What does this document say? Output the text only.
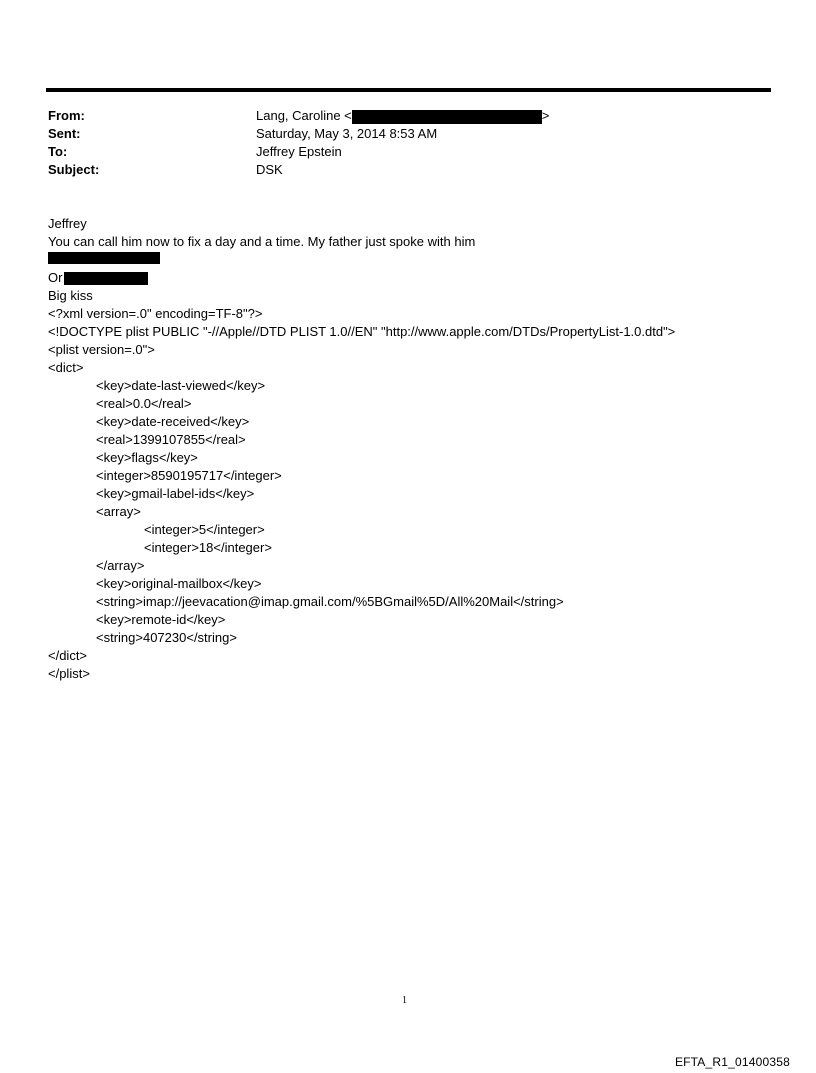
From:	Lang, Caroline <	>
Sent:	Saturday, May 3, 2014 8:53 AM
To:	Jeffrey Epstein
Subject:	DSK
Jeffrey
You can call him now to fix a day and a time. My father just spoke with him
Or
Big kiss
<?xml version=.0" encoding=TF-8"?>
<!DOCTYPE plist PUBLIC "-//Apple//DTD PLIST 1.0//EN" "http://www.apple.com/DTDs/PropertyList-1.0.dtd">
<plist version=.0">
<dict>
<key>date-last-viewed</key>
<real>0.0</real>
<key>date-received</key>
<real>1399107855</real>
<key>flags</key>
<integer>8590195717</integer>
<key>gmail-label-ids</key>
<array>
<integer>5</integer>
<integer>18</integer>
</array>
<key>original-mailbox</key>
<string>imap://jeevacation@imap.gmail.com/%5BGmail%5D/All%20Mail</string>
<key>remote-id</key>
<string>407230</string>
</dict>
</plist>
1
EFTA_R1_01400358
